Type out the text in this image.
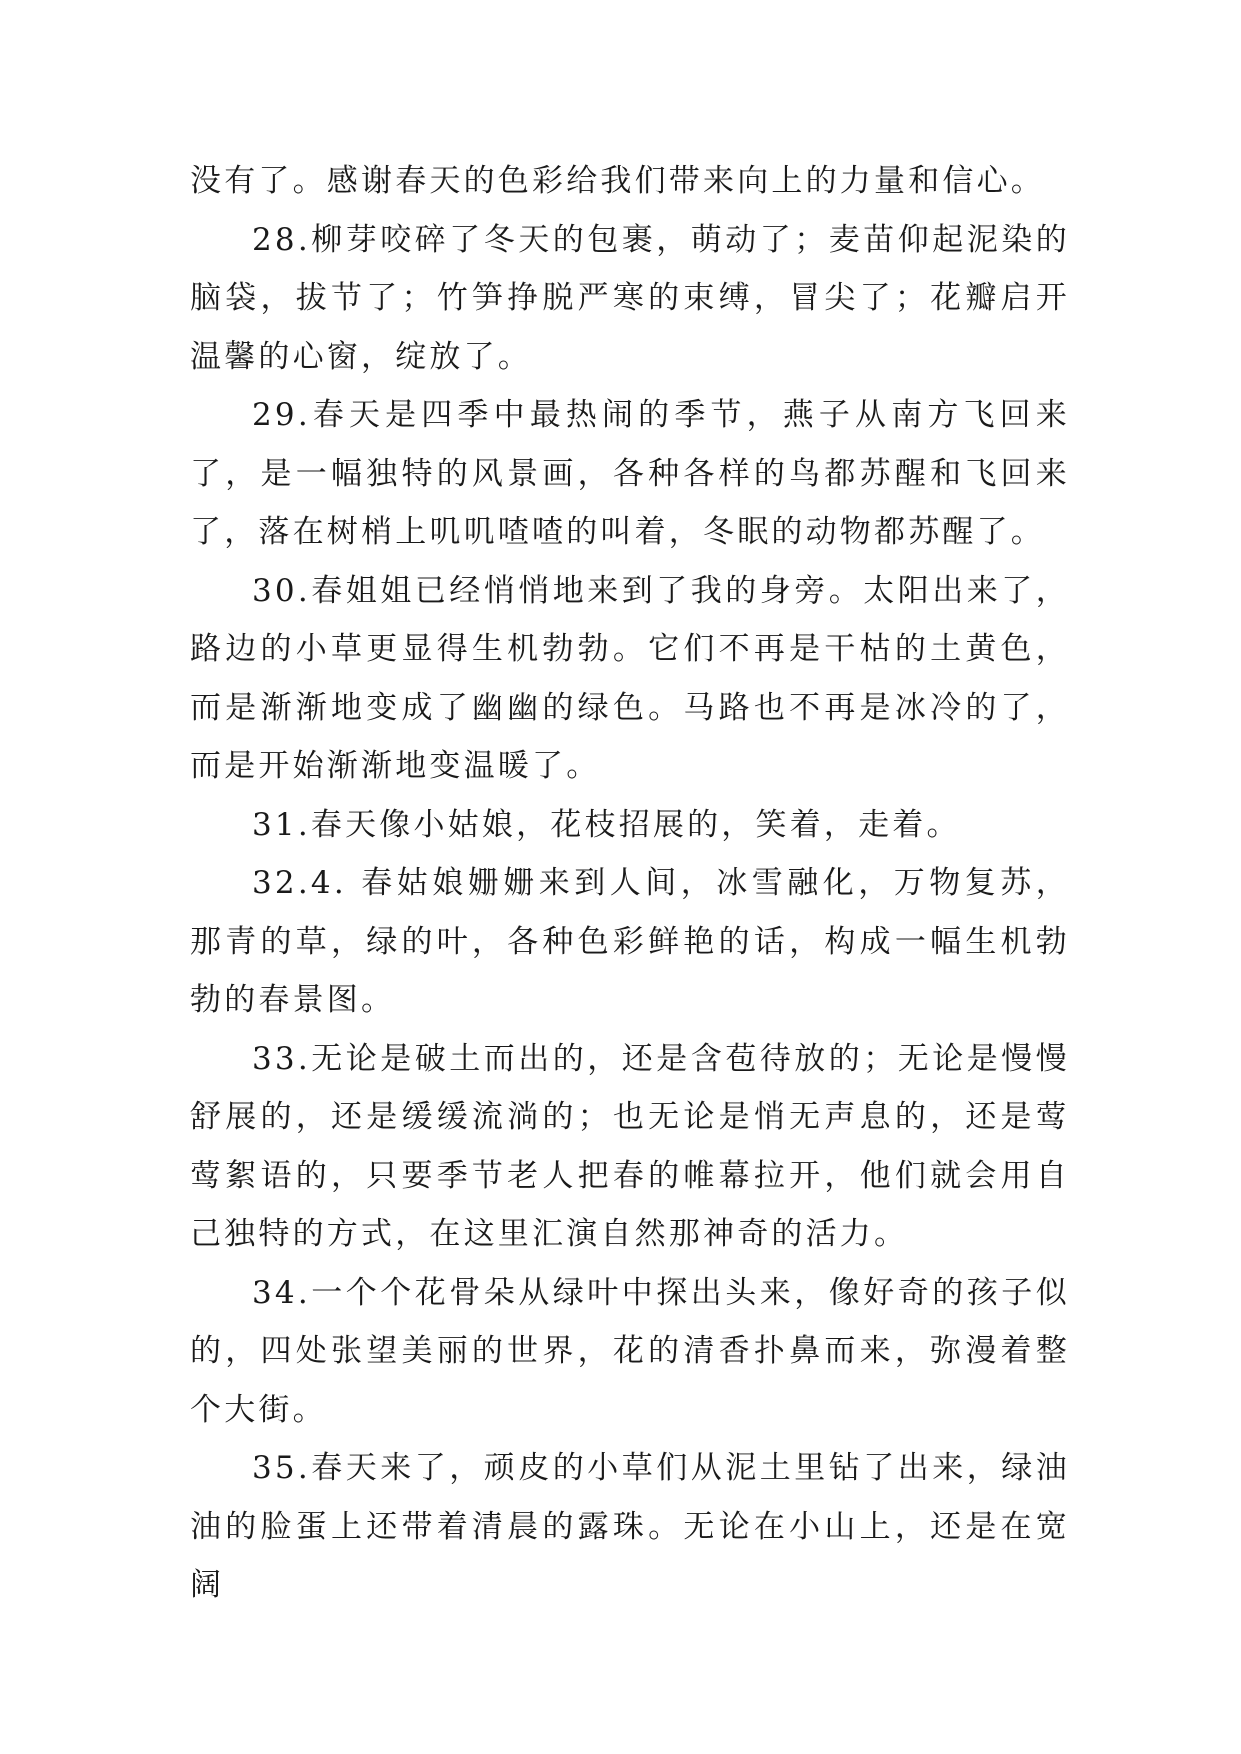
没有了。感谢春天的色彩给我们带来向上的力量和信心。

28.柳芽咬碎了冬天的包裹，萌动了；麦苗仰起泥染的脑袋，拔节了；竹笋挣脱严寒的束缚，冒尖了；花瓣启开温馨的心窗，绽放了。

29.春天是四季中最热闹的季节，燕子从南方飞回来了，是一幅独特的风景画，各种各样的鸟都苏醒和飞回来了，落在树梢上叽叽喳喳的叫着，冬眠的动物都苏醒了。

30.春姐姐已经悄悄地来到了我的身旁。太阳出来了，路边的小草更显得生机勃勃。它们不再是干枯的土黄色，而是渐渐地变成了幽幽的绿色。马路也不再是冰冷的了，而是开始渐渐地变温暖了。

31.春天像小姑娘，花枝招展的，笑着，走着。

32.4. 春姑娘姗姗来到人间，冰雪融化，万物复苏，那青的草，绿的叶，各种色彩鲜艳的话，构成一幅生机勃勃的春景图。

33.无论是破土而出的，还是含苞待放的；无论是慢慢舒展的，还是缓缓流淌的；也无论是悄无声息的，还是莺莺絮语的，只要季节老人把春的帷幕拉开，他们就会用自己独特的方式，在这里汇演自然那神奇的活力。

34.一个个花骨朵从绿叶中探出头来，像好奇的孩子似的，四处张望美丽的世界，花的清香扑鼻而来，弥漫着整个大街。

35.春天来了，顽皮的小草们从泥土里钻了出来，绿油油的脸蛋上还带着清晨的露珠。无论在小山上，还是在宽阔
